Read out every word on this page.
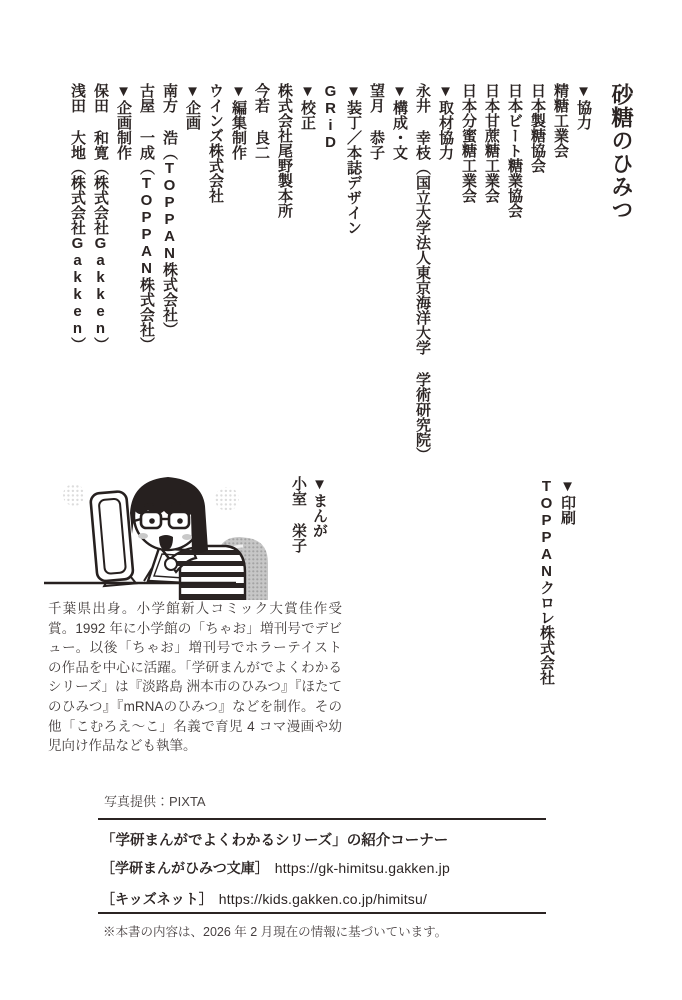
砂糖のひみつ
▼協力
精糖工業会
日本製糖協会
日本ビート糖業協会
日本甘蔗糖工業会
日本分蜜糖工業会
▼取材協力
永井 幸枝（国立大学法人東京海洋大学 学術研究院）
▼構成・文
望月 恭子
▼装丁／本誌デザイン
GRiD
▼校正
株式会社尾野製本所
今若 良二
▼編集制作
ウインズ株式会社
▼企画
南方 浩（TOPPAN株式会社）
古屋 一成（TOPPAN株式会社）
▼企画制作
保田 和寛（株式会社Gakken）
浅田 大地（株式会社Gakken）
▼印刷
TOPPANクロレ株式会社
▼まんが
小室 栄子

千葉県出身。小学館新人コミック大賞佳作受賞。1992 年に小学館の「ちゃお」増刊号でデビュー。以後「ちゃお」増刊号でホラーテイストの作品を中心に活躍。「学研まんがでよくわかるシリーズ」は『淡路島 洲本市のひみつ』『ほたてのひみつ』『mRNAのひみつ』などを制作。その他「こむろえ〜こ」名義で育児 4 コマ漫画や幼児向け作品なども執筆。

写真提供：PIXTA
「学研まんがでよくわかるシリーズ」の紹介コーナー
［学研まんがひみつ文庫］ https://gk-himitsu.gakken.jp
［キッズネット］ https://kids.gakken.co.jp/himitsu/
※本書の内容は、2026 年 2 月現在の情報に基づいています。
